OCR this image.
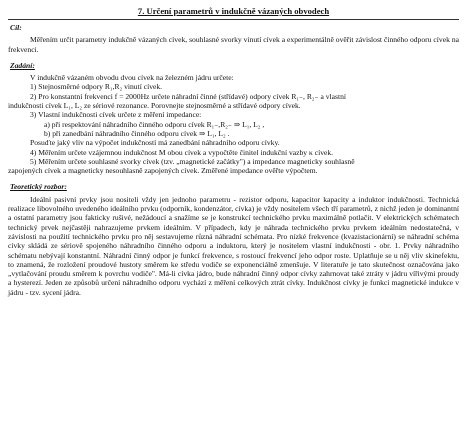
7. Určení parametrů v indukčně vázaných obvodech
Cíl:

Měřením určit parametry indukčně vázaných cívek, souhlasné svorky vinutí cívek a experimentálně ověřit závislost činného odporu cívek na frekvenci.

Zadání:

V indukčně vázaném obvodu dvou cívek na železném jádru určete:

1) Stejnosměrné odpory R₁,R₂ vinutí cívek.

2) Pro konstantní frekvenci f = 2000Hz určete náhradní činné (střídavé) odpory cívek R₁₋, R₂₋ a vlastní

indukčnosti cívek L₁, L₂ ze sériové rezonance. Porovnejte stejnosměrné a střídavé odpory cívek.

3) Vlastní indukčnosti cívek určete z měření impedance:

a) při respektování náhradního činného odporu cívek R₁₋,R₂₋ ⇒ L₁, L₂ ,

b) při zanedbání náhradního činného odporu cívek ⇒ L₁, L₂ .

Posuďte jaký vliv na výpočet indukčností má zanedbání náhradního odporu cívky.

4) Měřením určete vzájemnou indukčnost M obou cívek a vypočtěte činitel indukční vazby κ cívek.

5) Měřením určete souhlasné svorky cívek (tzv. „magnetické začátky") a impedance magneticky souhlasně

zapojených cívek a magneticky nesouhlasně zapojených cívek. Změřené impedance ověřte výpočtem.

Teoretický rozbor:

Ideální pasivní prvky jsou nositeli vždy jen jednoho parametru - rezistor odporu, kapacitor kapacity a induktor indukčnosti. Technická realizace libovolného uvedeného ideálního prvku (odporník, kondenzátor, cívka) je vždy nositelem všech tří parametrů, z nichž jeden je dominantní a ostatní parametry jsou fakticky rušivé, nežádoucí a snažíme se je konstrukcí technického prvku maximálně potlačit. V elektrických schématech technický prvek nejčastěji nahrazujeme prvkem ideálním. V případech, kdy je náhrada technického prvku prvkem ideálním nedostatečná, v závislosti na použití technického prvku pro něj sestavujeme různá náhradní schémata. Pro nízké frekvence (kvazistacionární) se náhradní schéma cívky skládá ze sériově spojeného náhradního činného odporu a induktoru, který je nositelem vlastní indukčnosti - obr. 1. Prvky náhradního schématu nebývají konstantní. Náhradní činný odpor je funkcí frekvence, s rostoucí frekvencí jeho odpor roste. Uplatňuje se u něj vliv skinefektu, to znamená, že rozložení proudové hustoty směrem ke středu vodiče se exponenciálně zmenšuje. V literatuře je tato skutečnost označována jako „vytlačování proudu směrem k povrchu vodiče". Má-li cívka jádro, bude náhradní činný odpor cívky zahrnovat také ztráty v jádru vířivými proudy a hysterezí. Jeden ze způsobů určení náhradního odporu vychází z měření celkových ztrát cívky. Indukčnost cívky je funkcí magnetické indukce v jádru - tzv. sycení jádra.
